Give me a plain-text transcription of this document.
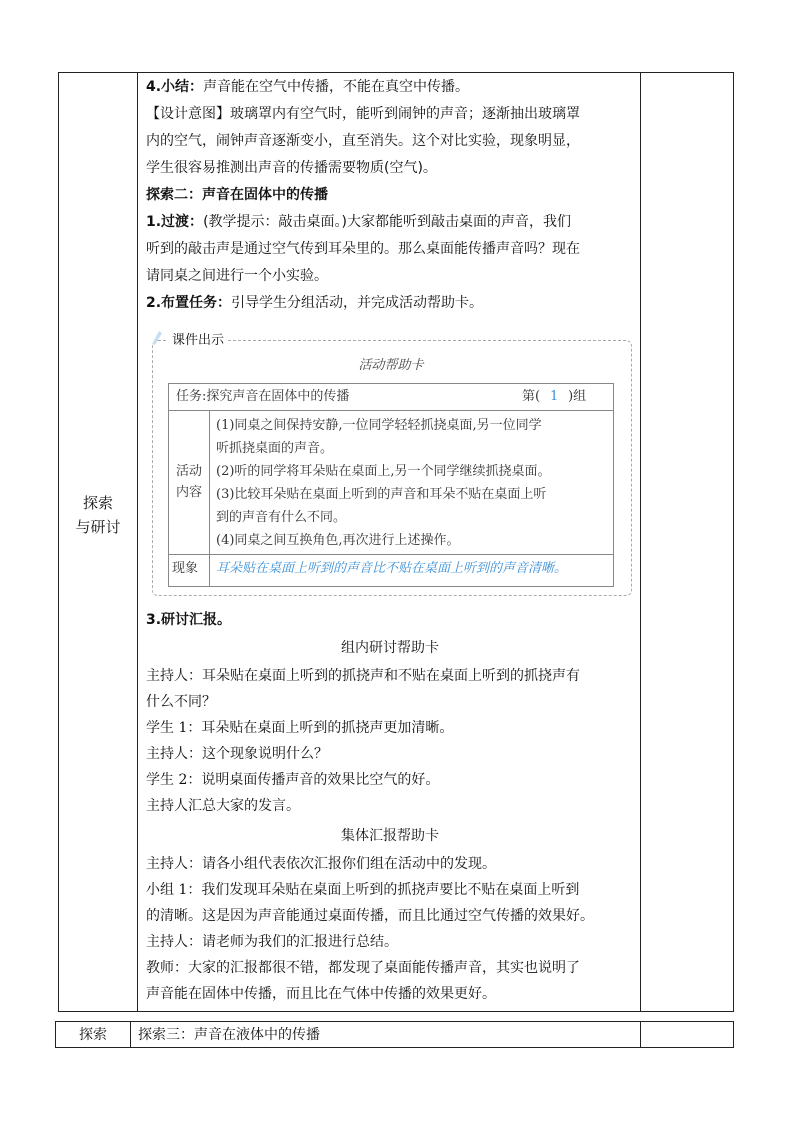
探索
与研讨
4.小结：声音能在空气中传播，不能在真空中传播。
【设计意图】玻璃罩内有空气时，能听到闹钟的声音；逐渐抽出玻璃罩
内的空气，闹钟声音逐渐变小，直至消失。这个对比实验，现象明显，
学生很容易推测出声音的传播需要物质(空气)。
探索二：声音在固体中的传播
1.过渡：(教学提示：敲击桌面。)大家都能听到敲击桌面的声音，我们
听到的敲击声是通过空气传到耳朵里的。那么桌面能传播声音吗？现在
请同桌之间进行一个小实验。
2.布置任务：引导学生分组活动，并完成活动帮助卡。
课件出示
活动帮助卡
任务:探究声音在固体中的传播	第( 1 )组
活动
内容
(1)同桌之间保持安静,一位同学轻轻抓挠桌面,另一位同学
听抓挠桌面的声音。
(2)听的同学将耳朵贴在桌面上,另一个同学继续抓挠桌面。
(3)比较耳朵贴在桌面上听到的声音和耳朵不贴在桌面上听
到的声音有什么不同。
(4)同桌之间互换角色,再次进行上述操作。
现象 耳朵贴在桌面上听到的声音比不贴在桌面上听到的声音清晰。
3.研讨汇报。
组内研讨帮助卡
主持人：耳朵贴在桌面上听到的抓挠声和不贴在桌面上听到的抓挠声有
什么不同？
学生 1：耳朵贴在桌面上听到的抓挠声更加清晰。
主持人：这个现象说明什么？
学生 2：说明桌面传播声音的效果比空气的好。
主持人汇总大家的发言。
集体汇报帮助卡
主持人：请各小组代表依次汇报你们组在活动中的发现。
小组 1：我们发现耳朵贴在桌面上听到的抓挠声要比不贴在桌面上听到
的清晰。这是因为声音能通过桌面传播，而且比通过空气传播的效果好。
主持人：请老师为我们的汇报进行总结。
教师：大家的汇报都很不错，都发现了桌面能传播声音，其实也说明了
声音能在固体中传播，而且比在气体中传播的效果更好。
探索	探索三：声音在液体中的传播
